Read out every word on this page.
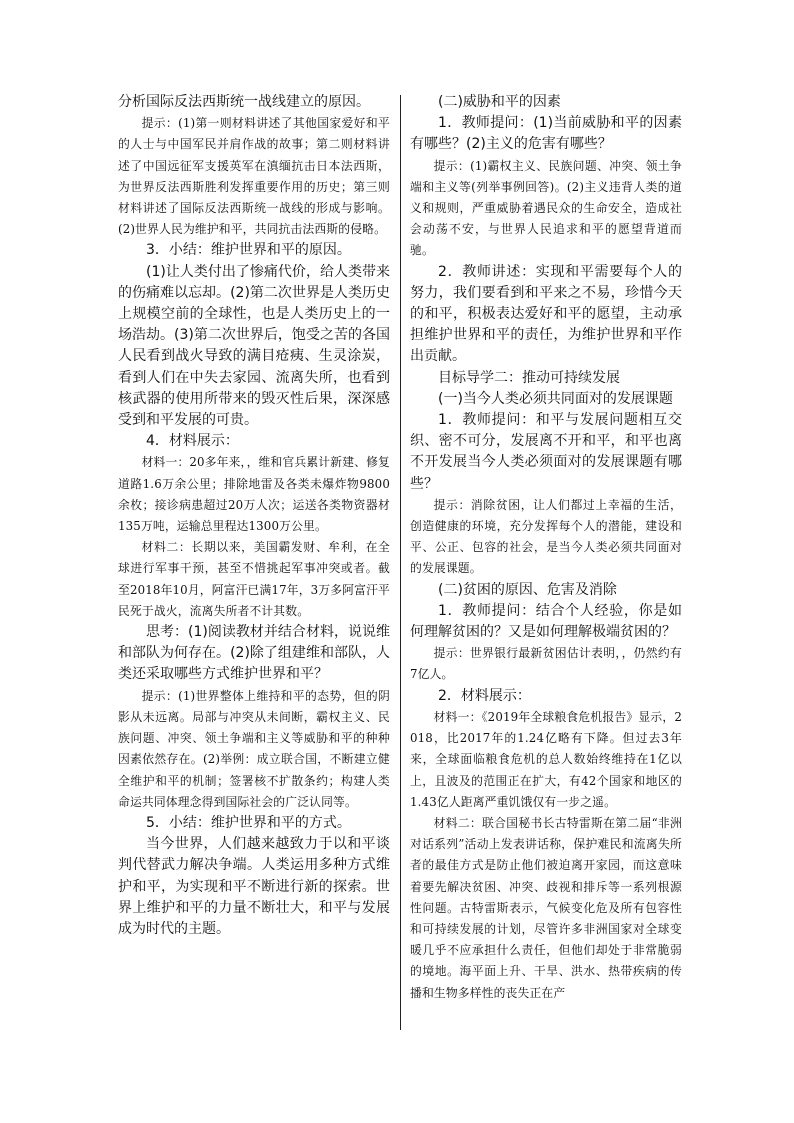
分析国际反法西斯统一战线建立的原因。

提示：(1)第一则材料讲述了其他国家爱好和平的人士与中国军民并肩作战的故事；第二则材料讲述了中国远征军支援英军在滇缅抗击日本法西斯，为世界反法西斯胜利发挥重要作用的历史；第三则材料讲述了国际反法西斯统一战线的形成与影响。(2)世界人民为维护和平，共同抗击法西斯的侵略。

3．小结：维护世界和平的原因。

(1)让人类付出了惨痛代价，给人类带来的伤痛难以忘却。(2)第二次世界是人类历史上规模空前的全球性，也是人类历史上的一场浩劫。(3)第二次世界后，饱受之苦的各国人民看到战火导致的满目疮痍、生灵涂炭，看到人们在中失去家园、流离失所，也看到核武器的使用所带来的毁灭性后果，深深感受到和平发展的可贵。

4．材料展示：

材料一：20多年来，，维和官兵累计新建、修复道路1.6万余公里；排除地雷及各类未爆炸物9800余枚；接诊病患超过20万人次；运送各类物资器材135万吨，运输总里程达1300万公里。

材料二：长期以来，美国霸发财、牟利，在全球进行军事干预，甚至不惜挑起军事冲突或者。截至2018年10月，阿富汗已满17年，3万多阿富汗平民死于战火，流离失所者不计其数。

思考：(1)阅读教材并结合材料，说说维和部队为何存在。(2)除了组建维和部队，人类还采取哪些方式维护世界和平？

提示：(1)世界整体上维持和平的态势，但的阴影从未远离。局部与冲突从未间断，霸权主义、民族问题、冲突、领土争端和主义等威胁和平的种种因素依然存在。(2)举例：成立联合国，不断建立健全维护和平的机制；签署核不扩散条约；构建人类命运共同体理念得到国际社会的广泛认同等。

5．小结：维护世界和平的方式。

当今世界，人们越来越致力于以和平谈判代替武力解决争端。人类运用多种方式维护和平，为实现和平不断进行新的探索。世界上维护和平的力量不断壮大，和平与发展成为时代的主题。

(二)威胁和平的因素

1．教师提问：(1)当前威胁和平的因素有哪些？(2)主义的危害有哪些？

提示：(1)霸权主义、民族问题、冲突、领土争端和主义等(列举事例回答)。(2)主义违背人类的道义和规则，严重威胁着遇民众的生命安全，造成社会动荡不安，与世界人民追求和平的愿望背道而驰。

2．教师讲述：实现和平需要每个人的努力，我们要看到和平来之不易，珍惜今天的和平，积极表达爱好和平的愿望，主动承担维护世界和平的责任，为维护世界和平作出贡献。

目标导学二：推动可持续发展

(一)当今人类必须共同面对的发展课题

1．教师提问：和平与发展问题相互交织、密不可分，发展离不开和平，和平也离不开发展当今人类必须面对的发展课题有哪些？

提示：消除贫困，让人们都过上幸福的生活，创造健康的环境，充分发挥每个人的潜能，建设和平、公正、包容的社会，是当今人类必须共同面对的发展课题。

(二)贫困的原因、危害及消除

1．教师提问：结合个人经验，你是如何理解贫困的？又是如何理解极端贫困的？

提示：世界银行最新贫困估计表明，，仍然约有7亿人。

2．材料展示：

材料一：《2019年全球粮食危机报告》显示，2018，比2017年的1.24亿略有下降。但过去3年来，全球面临粮食危机的总人数始终维持在1亿以上，且波及的范围正在扩大，有42个国家和地区的1.43亿人距离严重饥饿仅有一步之遥。

材料二：联合国秘书长古特雷斯在第二届“非洲对话系列”活动上发表讲话称，保护难民和流离失所者的最佳方式是防止他们被迫离开家园，而这意味着要先解决贫困、冲突、歧视和排斥等一系列根源性问题。古特雷斯表示，气候变化危及所有包容性和可持续发展的计划，尽管许多非洲国家对全球变暖几乎不应承担什么责任，但他们却处于非常脆弱的境地。海平面上升、干旱、洪水、热带疾病的传播和生物多样性的丧失正在产
